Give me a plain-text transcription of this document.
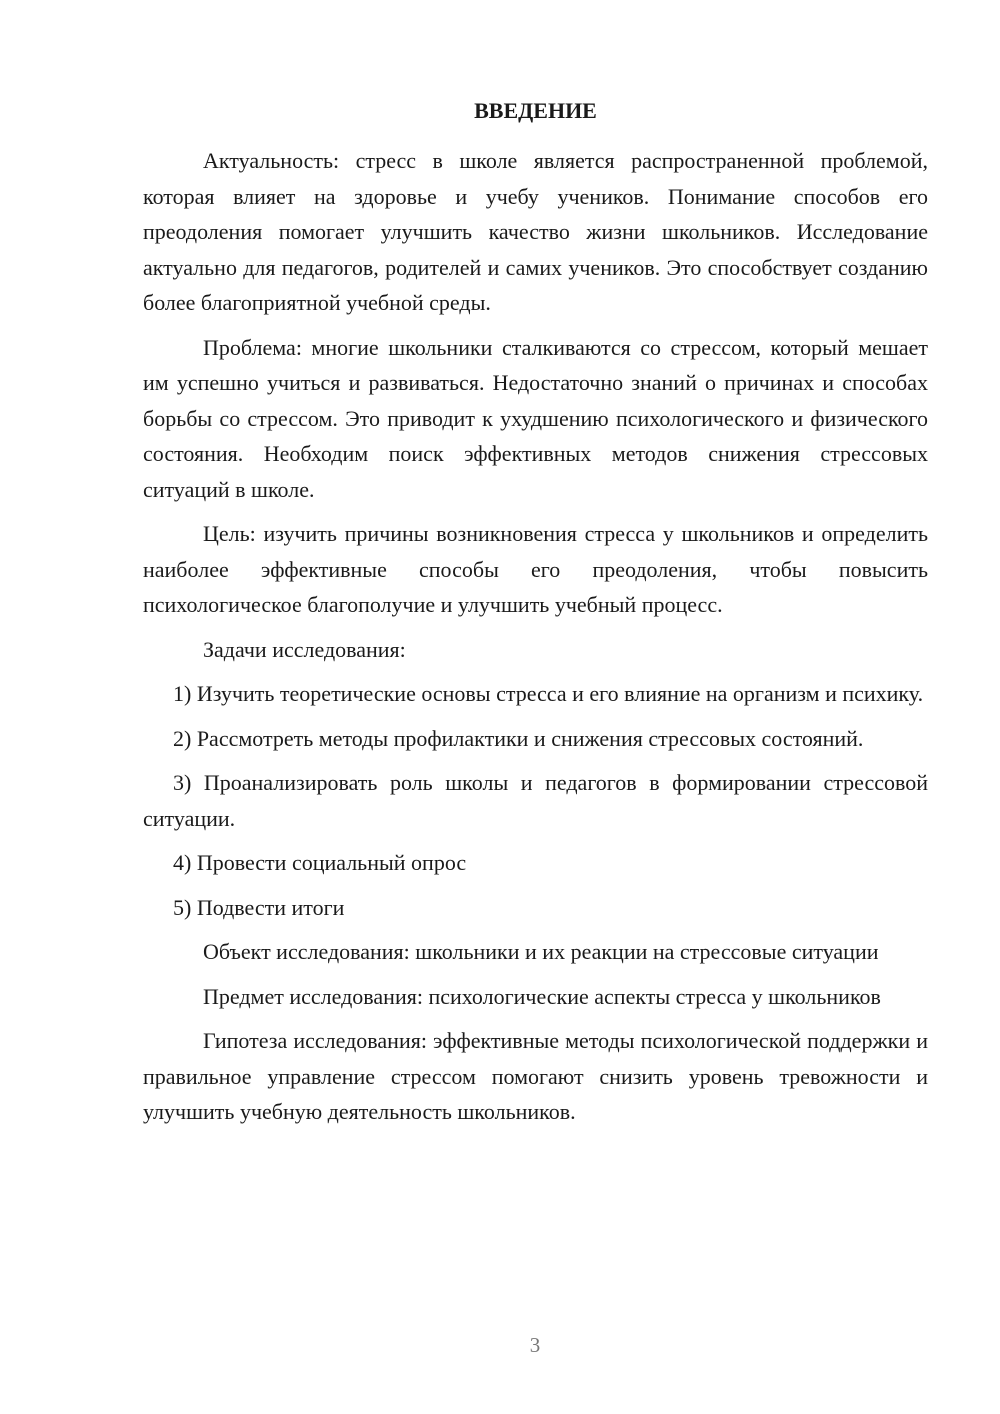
ВВЕДЕНИЕ

Актуальность: стресс в школе является распространенной проблемой, которая влияет на здоровье и учебу учеников. Понимание способов его преодоления помогает улучшить качество жизни школьников. Исследование актуально для педагогов, родителей и самих учеников. Это способствует созданию более благоприятной учебной среды.

Проблема: многие школьники сталкиваются со стрессом, который мешает им успешно учиться и развиваться. Недостаточно знаний о причинах и способах борьбы со стрессом. Это приводит к ухудшению психологического и физического состояния. Необходим поиск эффективных методов снижения стрессовых ситуаций в школе.

Цель: изучить причины возникновения стресса у школьников и определить наиболее эффективные способы его преодоления, чтобы повысить психологическое благополучие и улучшить учебный процесс.

Задачи исследования:

1) Изучить теоретические основы стресса и его влияние на организм и психику.

2) Рассмотреть методы профилактики и снижения стрессовых состояний.

3) Проанализировать роль школы и педагогов в формировании стрессовой ситуации.

4) Провести социальный опрос

5) Подвести итоги

Объект исследования: школьники и их реакции на стрессовые ситуации

Предмет исследования: психологические аспекты стресса у школьников

Гипотеза исследования: эффективные методы психологической поддержки и правильное управление стрессом помогают снизить уровень тревожности и улучшить учебную деятельность школьников.

3
